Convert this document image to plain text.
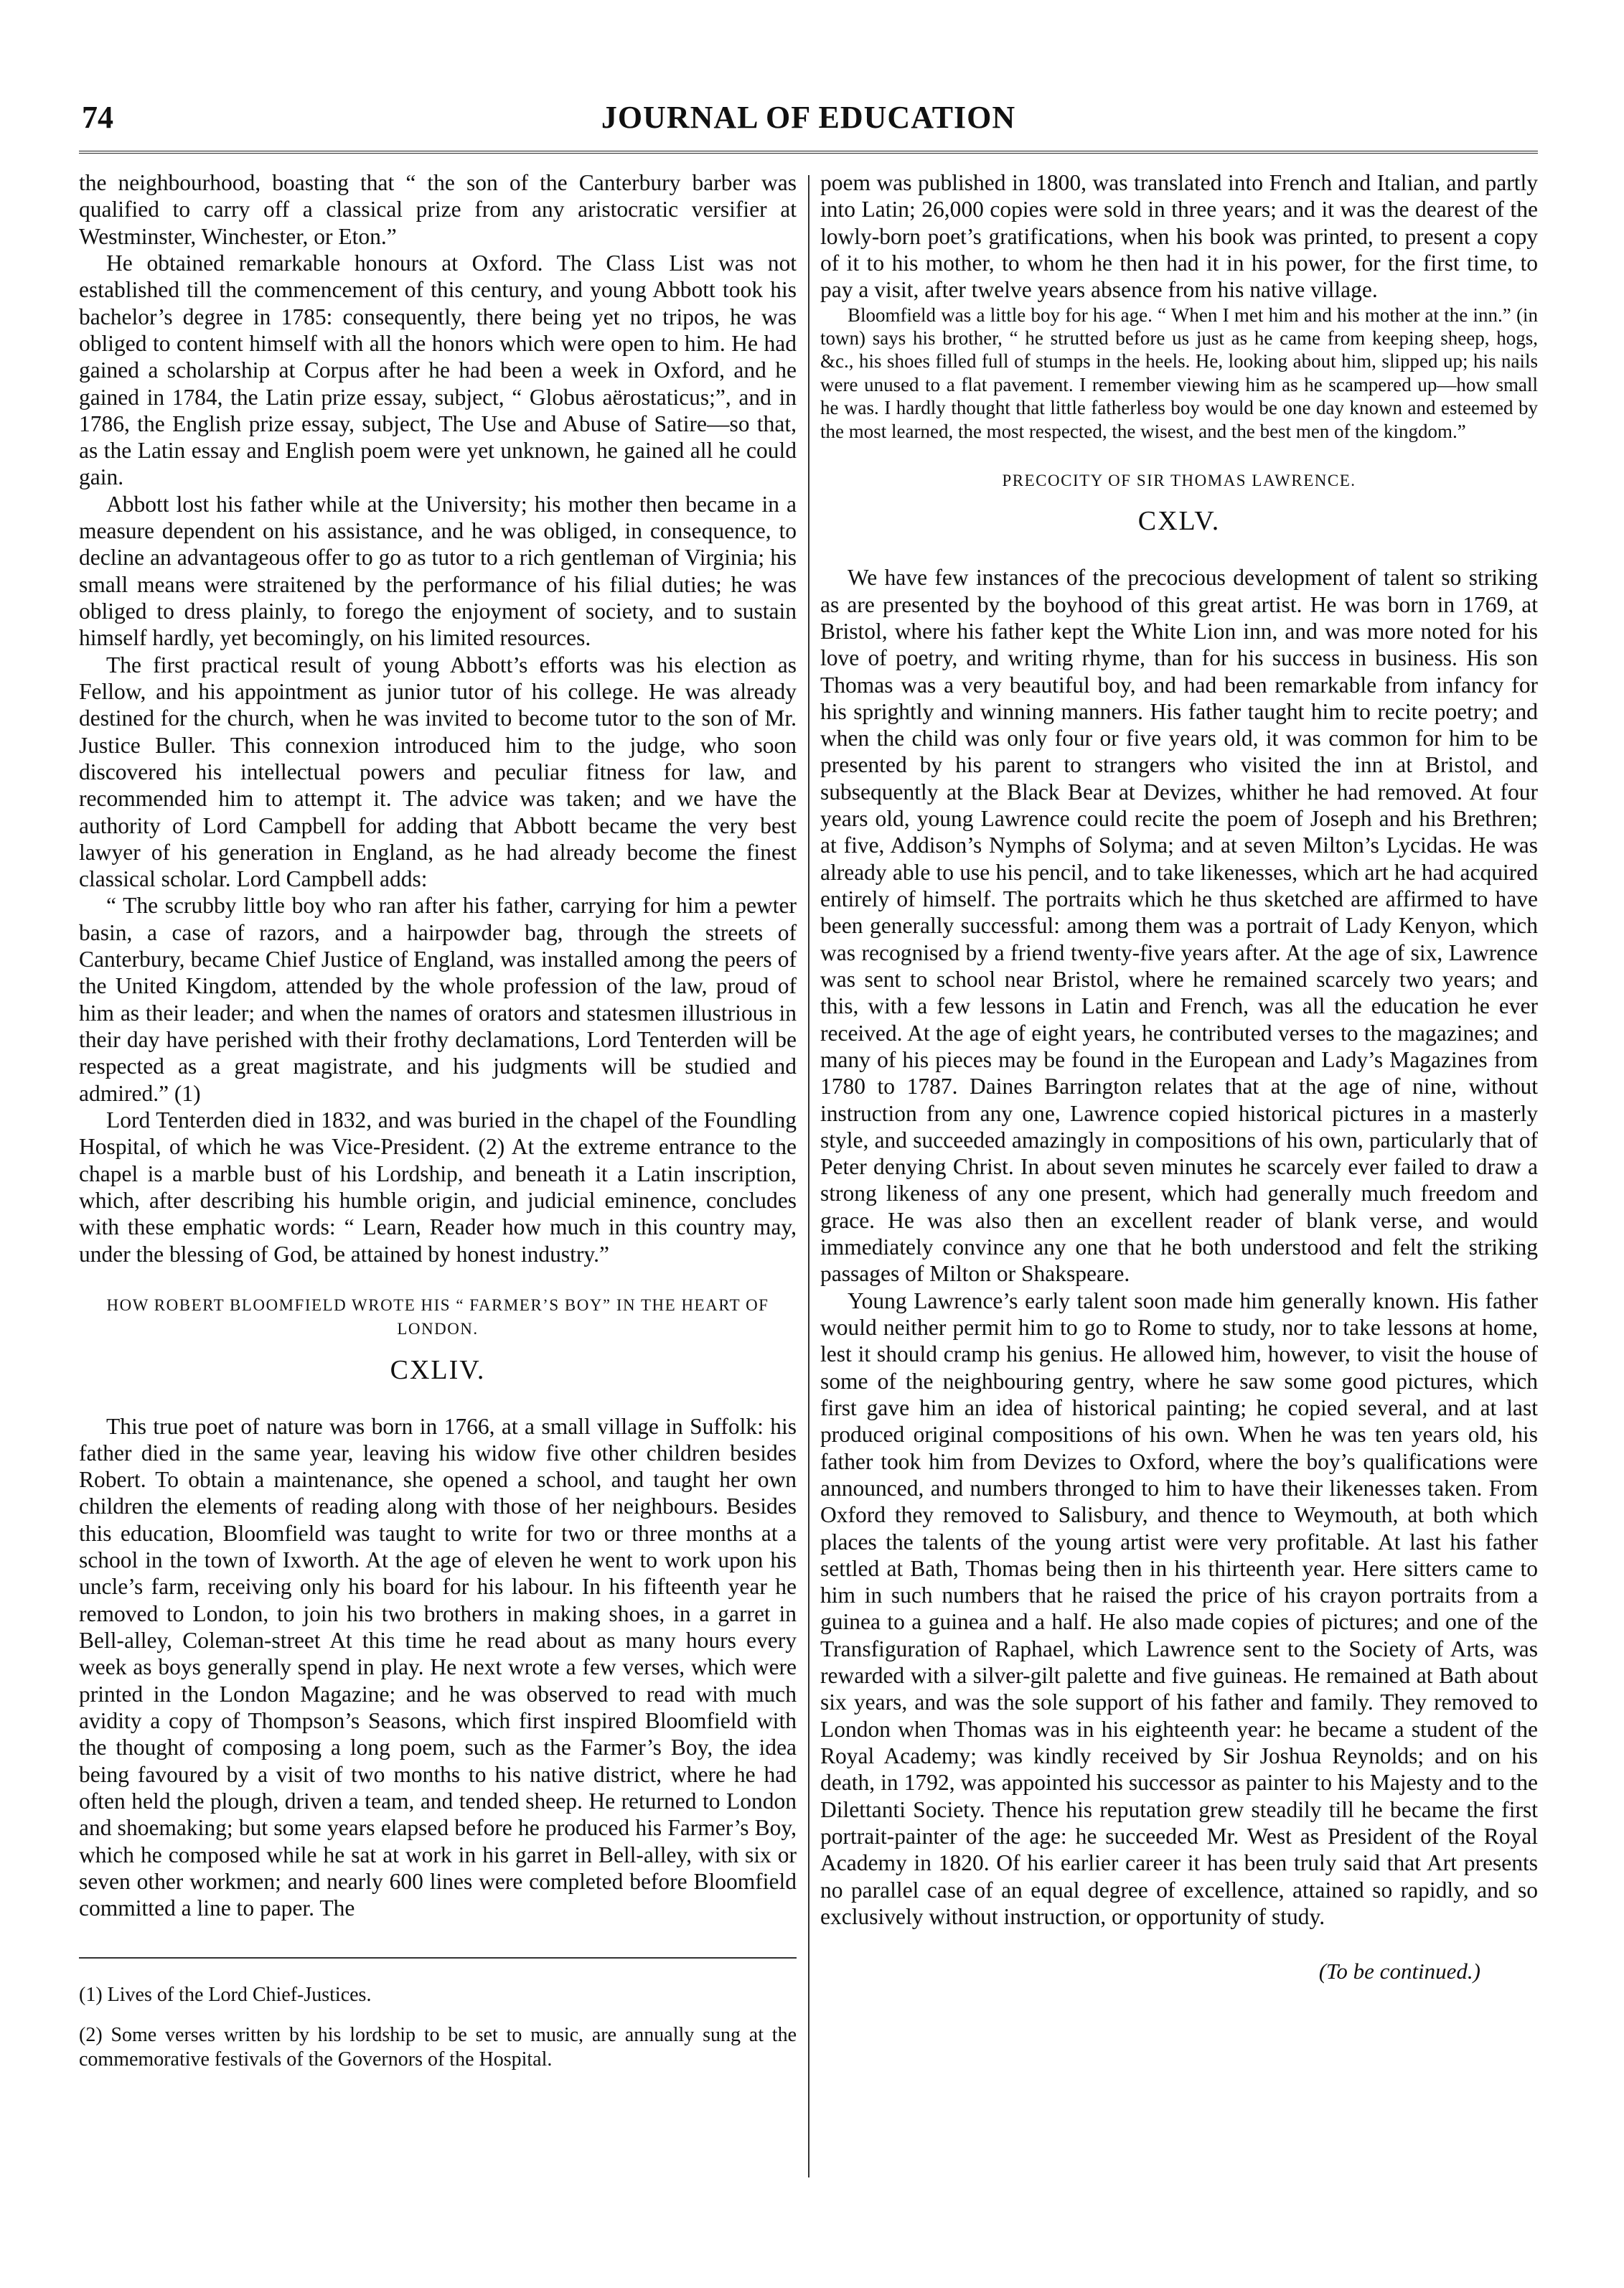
74	JOURNAL OF EDUCATION

the neighbourhood, boasting that “ the son of the Canterbury barber was qualified to carry off a classical prize from any aristocratic versifier at Westminster, Winchester, or Eton.”

He obtained remarkable honours at Oxford. The Class List was not established till the commencement of this century, and young Abbott took his bachelor’s degree in 1785: consequently, there being yet no tripos, he was obliged to content himself with all the honors which were open to him. He had gained a scholarship at Corpus after he had been a week in Oxford, and he gained in 1784, the Latin prize essay, subject, “ Globus aërostaticus;”, and in 1786, the English prize essay, subject, The Use and Abuse of Satire—so that, as the Latin essay and English poem were yet unknown, he gained all he could gain.

Abbott lost his father while at the University; his mother then became in a measure dependent on his assistance, and he was obliged, in consequence, to decline an advantageous offer to go as tutor to a rich gentleman of Virginia; his small means were straitened by the performance of his filial duties; he was obliged to dress plainly, to forego the enjoyment of society, and to sustain himself hardly, yet becomingly, on his limited resources.

The first practical result of young Abbott’s efforts was his election as Fellow, and his appointment as junior tutor of his college. He was already destined for the church, when he was invited to become tutor to the son of Mr. Justice Buller. This connexion introduced him to the judge, who soon discovered his intellectual powers and peculiar fitness for law, and recommended him to attempt it. The advice was taken; and we have the authority of Lord Campbell for adding that Abbott became the very best lawyer of his generation in England, as he had already become the finest classical scholar. Lord Campbell adds:

“ The scrubby little boy who ran after his father, carrying for him a pewter basin, a case of razors, and a hairpowder bag, through the streets of Canterbury, became Chief Justice of England, was installed among the peers of the United Kingdom, attended by the whole profession of the law, proud of him as their leader; and when the names of orators and statesmen illustrious in their day have perished with their frothy declamations, Lord Tenterden will be respected as a great magistrate, and his judgments will be studied and admired.” (1)

Lord Tenterden died in 1832, and was buried in the chapel of the Foundling Hospital, of which he was Vice-President. (2) At the extreme entrance to the chapel is a marble bust of his Lordship, and beneath it a Latin inscription, which, after describing his humble origin, and judicial eminence, concludes with these emphatic words: “ Learn, Reader how much in this country may, under the blessing of God, be attained by honest industry.”

HOW ROBERT BLOOMFIELD WROTE HIS “ FARMER’S BOY” IN THE HEART OF LONDON.
CXLIV.

This true poet of nature was born in 1766, at a small village in Suffolk: his father died in the same year, leaving his widow five other children besides Robert. To obtain a maintenance, she opened a school, and taught her own children the elements of reading along with those of her neighbours. Besides this education, Bloomfield was taught to write for two or three months at a school in the town of Ixworth. At the age of eleven he went to work upon his uncle’s farm, receiving only his board for his labour. In his fifteenth year he removed to London, to join his two brothers in making shoes, in a garret in Bell-alley, Coleman-street At this time he read about as many hours every week as boys generally spend in play. He next wrote a few verses, which were printed in the London Magazine; and he was observed to read with much avidity a copy of Thompson’s Seasons, which first inspired Bloomfield with the thought of composing a long poem, such as the Farmer’s Boy, the idea being favoured by a visit of two months to his native district, where he had often held the plough, driven a team, and tended sheep. He returned to London and shoemaking; but some years elapsed before he produced his Farmer’s Boy, which he composed while he sat at work in his garret in Bell-alley, with six or seven other workmen; and nearly 600 lines were completed before Bloomfield committed a line to paper. The

(1) Lives of the Lord Chief-Justices.
(2) Some verses written by his lordship to be set to music, are annually sung at the commemorative festivals of the Governors of the Hospital.

poem was published in 1800, was translated into French and Italian, and partly into Latin; 26,000 copies were sold in three years; and it was the dearest of the lowly-born poet’s gratifications, when his book was printed, to present a copy of it to his mother, to whom he then had it in his power, for the first time, to pay a visit, after twelve years absence from his native village.

Bloomfield was a little boy for his age. “ When I met him and his mother at the inn.” (in town) says his brother, “ he strutted before us just as he came from keeping sheep, hogs, &c., his shoes filled full of stumps in the heels. He, looking about him, slipped up; his nails were unused to a flat pavement. I remember viewing him as he scampered up—how small he was. I hardly thought that little fatherless boy would be one day known and esteemed by the most learned, the most respected, the wisest, and the best men of the kingdom.”

PRECOCITY OF SIR THOMAS LAWRENCE.
CXLV.

We have few instances of the precocious development of talent so striking as are presented by the boyhood of this great artist. He was born in 1769, at Bristol, where his father kept the White Lion inn, and was more noted for his love of poetry, and writing rhyme, than for his success in business. His son Thomas was a very beautiful boy, and had been remarkable from infancy for his sprightly and winning manners. His father taught him to recite poetry; and when the child was only four or five years old, it was common for him to be presented by his parent to strangers who visited the inn at Bristol, and subsequently at the Black Bear at Devizes, whither he had removed. At four years old, young Lawrence could recite the poem of Joseph and his Brethren; at five, Addison’s Nymphs of Solyma; and at seven Milton’s Lycidas. He was already able to use his pencil, and to take likenesses, which art he had acquired entirely of himself. The portraits which he thus sketched are affirmed to have been generally successful: among them was a portrait of Lady Kenyon, which was recognised by a friend twenty-five years after. At the age of six, Lawrence was sent to school near Bristol, where he remained scarcely two years; and this, with a few lessons in Latin and French, was all the education he ever received. At the age of eight years, he contributed verses to the magazines; and many of his pieces may be found in the European and Lady’s Magazines from 1780 to 1787. Daines Barrington relates that at the age of nine, without instruction from any one, Lawrence copied historical pictures in a masterly style, and succeeded amazingly in compositions of his own, particularly that of Peter denying Christ. In about seven minutes he scarcely ever failed to draw a strong likeness of any one present, which had generally much freedom and grace. He was also then an excellent reader of blank verse, and would immediately convince any one that he both understood and felt the striking passages of Milton or Shakspeare.

Young Lawrence’s early talent soon made him generally known. His father would neither permit him to go to Rome to study, nor to take lessons at home, lest it should cramp his genius. He allowed him, however, to visit the house of some of the neighbouring gentry, where he saw some good pictures, which first gave him an idea of historical painting; he copied several, and at last produced original compositions of his own. When he was ten years old, his father took him from Devizes to Oxford, where the boy’s qualifications were announced, and numbers thronged to him to have their likenesses taken. From Oxford they removed to Salisbury, and thence to Weymouth, at both which places the talents of the young artist were very profitable. At last his father settled at Bath, Thomas being then in his thirteenth year. Here sitters came to him in such numbers that he raised the price of his crayon portraits from a guinea to a guinea and a half. He also made copies of pictures; and one of the Transfiguration of Raphael, which Lawrence sent to the Society of Arts, was rewarded with a silver-gilt palette and five guineas. He remained at Bath about six years, and was the sole support of his father and family. They removed to London when Thomas was in his eighteenth year: he became a student of the Royal Academy; was kindly received by Sir Joshua Reynolds; and on his death, in 1792, was appointed his successor as painter to his Majesty and to the Dilettanti Society. Thence his reputation grew steadily till he became the first portrait-painter of the age: he succeeded Mr. West as President of the Royal Academy in 1820. Of his earlier career it has been truly said that Art presents no parallel case of an equal degree of excellence, attained so rapidly, and so exclusively without instruction, or opportunity of study.

(To be continued.)
